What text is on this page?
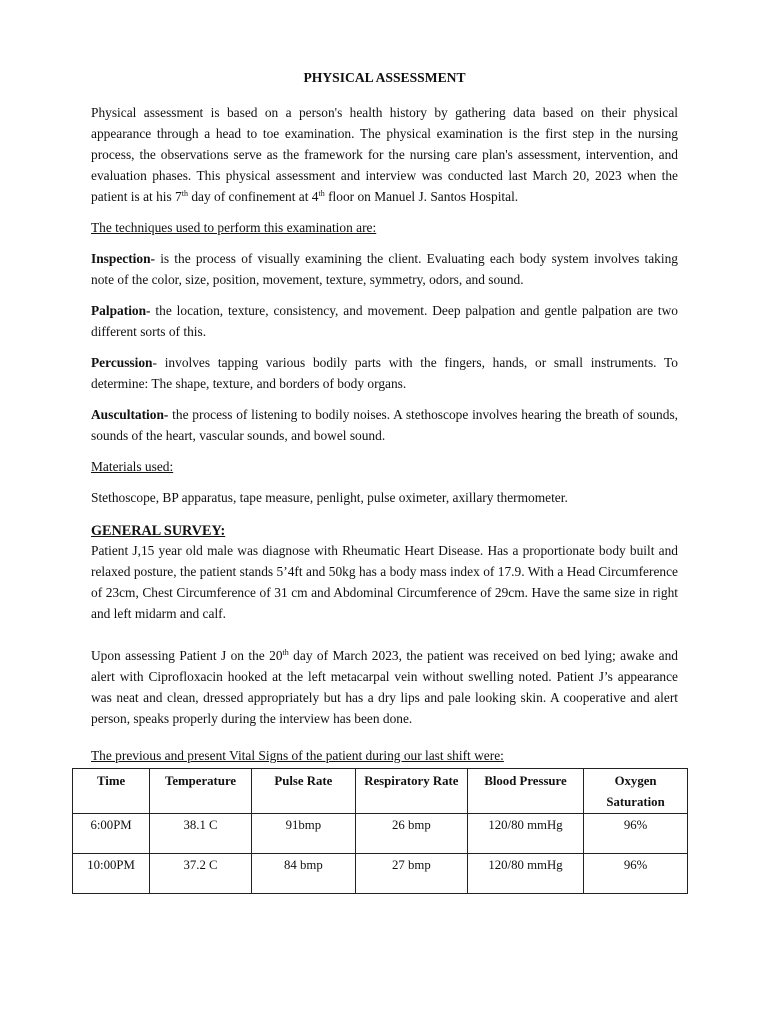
PHYSICAL ASSESSMENT

Physical assessment is based on a person's health history by gathering data based on their physical appearance through a head to toe examination. The physical examination is the first step in the nursing process, the observations serve as the framework for the nursing care plan's assessment, intervention, and evaluation phases. This physical assessment and interview was conducted last March 20, 2023 when the patient is at his 7th day of confinement at 4th floor on Manuel J. Santos Hospital.

The techniques used to perform this examination are:

Inspection- is the process of visually examining the client. Evaluating each body system involves taking note of the color, size, position, movement, texture, symmetry, odors, and sound.

Palpation- the location, texture, consistency, and movement. Deep palpation and gentle palpation are two different sorts of this.

Percussion- involves tapping various bodily parts with the fingers, hands, or small instruments. To determine: The shape, texture, and borders of body organs.

Auscultation- the process of listening to bodily noises. A stethoscope involves hearing the breath of sounds, sounds of the heart, vascular sounds, and bowel sound.

Materials used:

Stethoscope, BP apparatus, tape measure, penlight, pulse oximeter, axillary thermometer.

GENERAL SURVEY:

Patient J,15 year old male was diagnose with Rheumatic Heart Disease. Has a proportionate body built and relaxed posture, the patient stands 5’4ft and 50kg has a body mass index of 17.9. With a Head Circumference of 23cm, Chest Circumference of 31 cm and Abdominal Circumference of 29cm. Have the same size in right and left midarm and calf.

Upon assessing Patient J on the 20th day of March 2023, the patient was received on bed lying; awake and alert with Ciprofloxacin hooked at the left metacarpal vein without swelling noted. Patient J’s appearance was neat and clean, dressed appropriately but has a dry lips and pale looking skin. A cooperative and alert person, speaks properly during the interview has been done.

The previous and present Vital Signs of the patient during our last shift were:

Time	Temperature	Pulse Rate	Respiratory Rate	Blood Pressure	Oxygen Saturation
6:00PM	38.1 C	91bmp	26 bmp	120/80 mmHg	96%
10:00PM	37.2 C	84 bmp	27 bmp	120/80 mmHg	96%
